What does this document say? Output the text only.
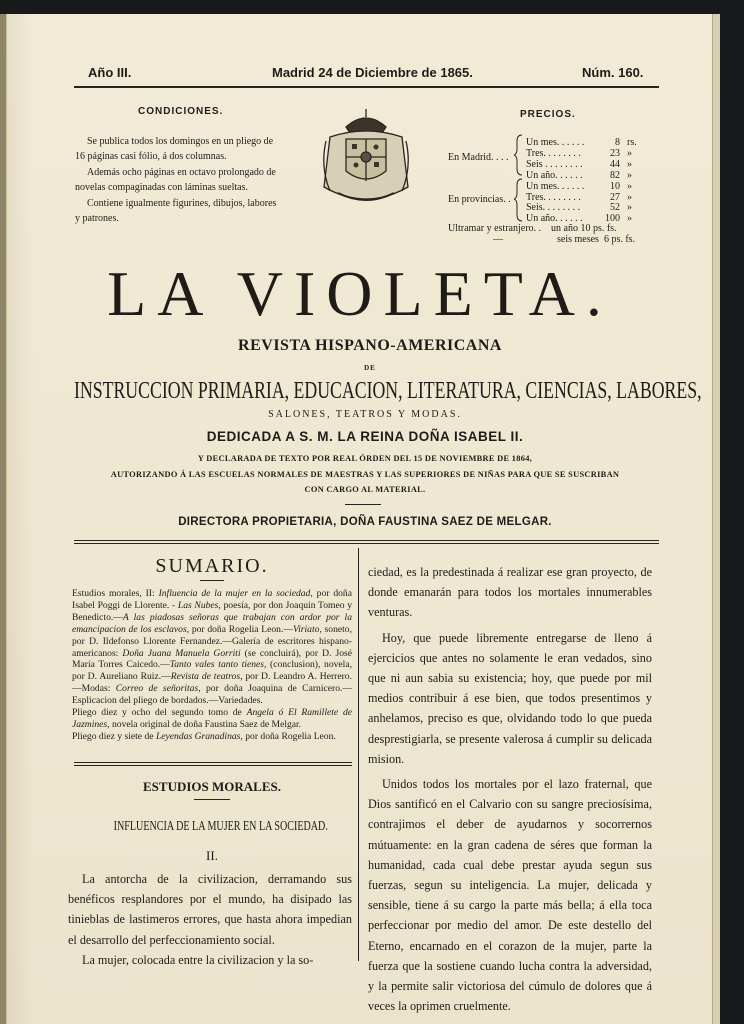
Año III.	Madrid 24 de Diciembre de 1865.	Núm. 160.
CONDICIONES.
Se publica todos los domingos en un pliego de
16 páginas casi fólio, á dos columnas.
Además ocho páginas en octavo prolongado de
novelas compaginadas con láminas sueltas.
Contiene igualmente figurines, dibujos, labores
y patrones.
PRECIOS.
En Madrid. . . .
En provincias. .
Un mes. . . . . .	8 rs.
Tres. . . . . . . .	23 »
Seis . . . . . . . .	44 »
Un año. . . . . .	82 »
Un mes. . . . . .	10 »
Tres. . . . . . . .	27 »
Seis. . . . . . . .	52 »
Un año. . . . . .	100 »
Ultramar y estranjero. .    un año 10 ps. fs.
—	seis meses  6 ps. fs.
LA VIOLETA.
REVISTA HISPANO-AMERICANA
DE
INSTRUCCION PRIMARIA, EDUCACION, LITERATURA, CIENCIAS, LABORES,
SALONES, TEATROS Y MODAS.
DEDICADA A S. M. LA REINA DOÑA ISABEL II.
Y DECLARADA DE TEXTO POR REAL ÓRDEN DEL 15 DE NOVIEMBRE DE 1864,
AUTORIZANDO Á LAS ESCUELAS NORMALES DE MAESTRAS Y LAS SUPERIORES DE NIÑAS PARA QUE SE SUSCRIBAN
CON CARGO AL MATERIAL.
DIRECTORA PROPIETARIA, DOÑA FAUSTINA SAEZ DE MELGAR.
SUMARIO.
Estudios morales, II: Influencia de la mujer en la sociedad, por doña Isabel Poggi de Llorente. - Las Nubes, poesía, por don Joaquin Tomeo y Benedicto.—A las piadosas señoras que trabajan con ardor por la emancipacion de los esclavos, por doña Rogelia Leon.—Viriato, soneto, por D. Ildefonso Llorente Fernandez.—Galería de escritores hispano-americanos: Doña Juana Manuela Gorriti (se concluirá), por D. José María Torres Caicedo.—Tanto vales tanto tienes, (conclusion), novela, por D. Aureliano Ruiz.—Revista de teatros, por D. Leandro A. Herrero.—Modas: Correo de señoritas, por doña Joaquina de Carnicero.—Esplicacion del pliego de bordados.—Variedades.
Pliego diez y ocho del segundo tomo de Angela ó El Ramillete de Jazmines, novela original de doña Faustina Saez de Melgar.
Pliego diez y siete de Leyendas Granadinas, por doña Rogelia Leon.
ESTUDIOS MORALES.
INFLUENCIA DE LA MUJER EN LA SOCIEDAD.
II.
La antorcha de la civilizacion, derramando sus benéficos resplandores por el mundo, ha disipado las tinieblas de lastimeros errores, que hasta ahora impedian el desarrollo del perfeccionamiento social.
La mujer, colocada entre la civilizacion y la so-
ciedad, es la predestinada á realizar ese gran proyecto, de donde emanarán para todos los mortales innumerables venturas.
Hoy, que puede libremente entregarse de lleno á ejercicios que antes no solamente le eran vedados, sino que ni aun sabia su existencia; hoy, que puede por mil medios contribuir á ese bien, que todos presentimos y anhelamos, preciso es que, olvidando todo lo que pueda desprestigiarla, se presente valerosa á cumplir su delicada mision.
Unidos todos los mortales por el lazo fraternal, que Dios santificó en el Calvario con su sangre preciosísima, contrajimos el deber de ayudarnos y socorrernos mútuamente: en la gran cadena de séres que forman la humanidad, cada cual debe prestar ayuda segun sus fuerzas, segun su inteligencia. La mujer, delicada y sensible, tiene á su cargo la parte más bella; á ella toca perfeccionar por medio del amor. De este destello del Eterno, encarnado en el corazon de la mujer, parte la fuerza que la sostiene cuando lucha contra la adversidad, y la permite salir victoriosa del cúmulo de dolores que á veces la oprimen cruelmente.
